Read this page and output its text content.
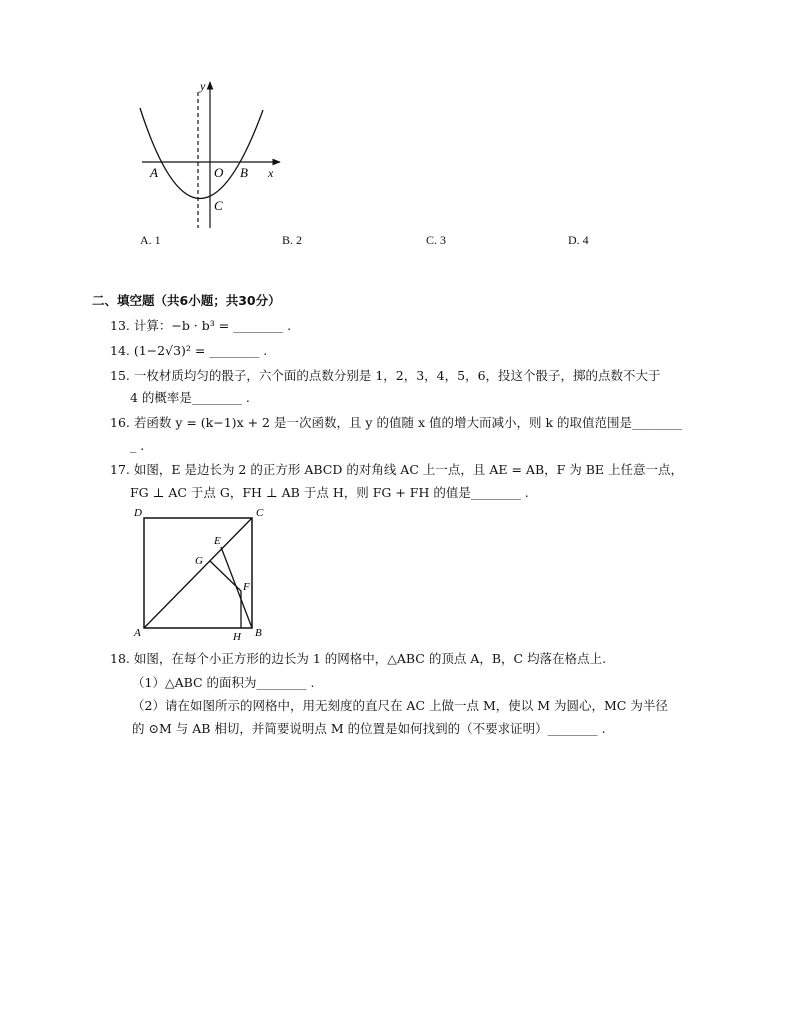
y
A	O B x
C
A. 1	B. 2	C. 3	D. 4
二、填空题（共6小题；共30分）
13. 计算：−b · b³ = ________ .
14. (1−2√3)² = ________ .
15. 一枚材质均匀的骰子，六个面的点数分别是 1，2，3，4，5，6，投这个骰子，掷的点数不大于
4 的概率是________ .
16. 若函数 y = (k−1)x + 2 是一次函数，且 y 的值随 x 值的增大而减小，则 k 的取值范围是________
_ .
17. 如图，E 是边长为 2 的正方形 ABCD 的对角线 AC 上一点，且 AE = AB，F 为 BE 上任意一点，
FG ⊥ AC 于点 G，FH ⊥ AB 于点 H，则 FG + FH 的值是________ .
D	C
E
G
F
A	H B
18. 如图，在每个小正方形的边长为 1 的网格中，△ABC 的顶点 A，B，C 均落在格点上.
（1）△ABC 的面积为________ .
（2）请在如图所示的网格中，用无刻度的直尺在 AC 上做一点 M，使以 M 为圆心，MC 为半径
的 ⊙M 与 AB 相切，并简要说明点 M 的位置是如何找到的（不要求证明）________ .
